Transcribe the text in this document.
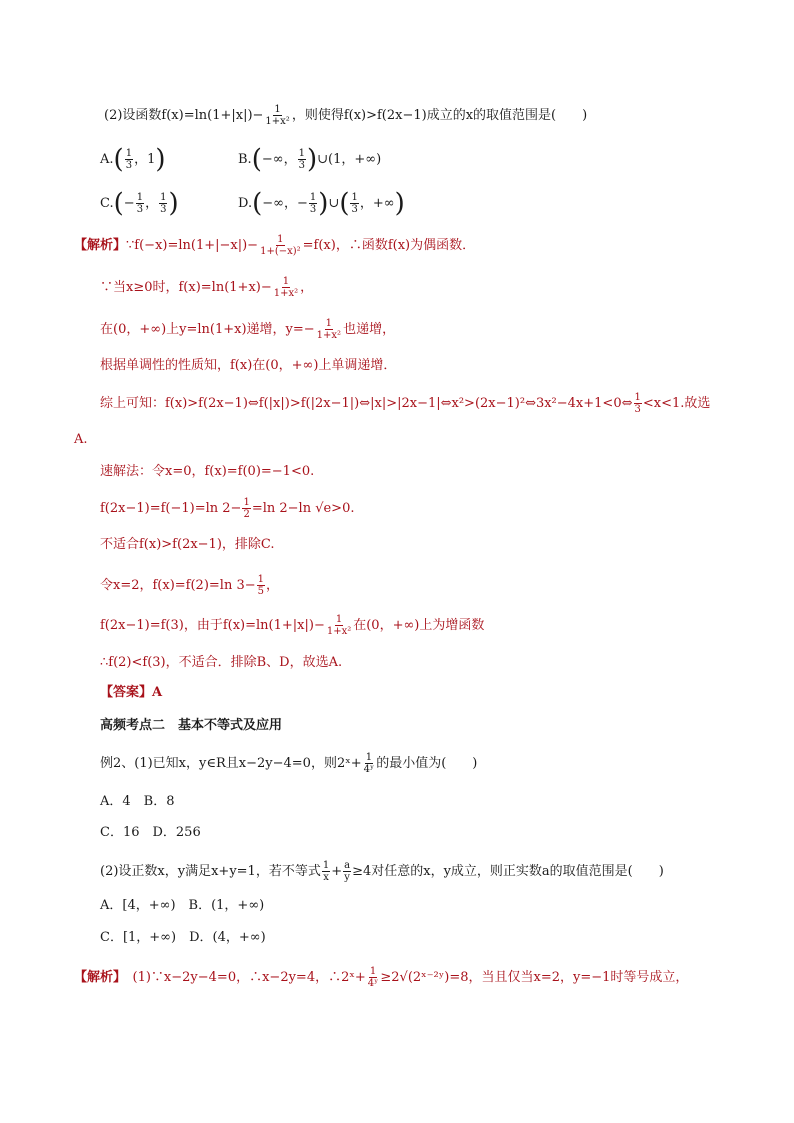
(2)设函数$f(x)=\ln(1+|x|)- \frac{1}{\text{1+x²}}$ ，则使得f(x)>f(2x−1)成立的x的取值范围是(　　)
$A.( \frac{1}{3}$ ，1)	B.(−∞， $\frac{1}{3}$ )∪(1，+∞)
$C.(- \frac{1}{3}$ ， $\frac{1}{3}$ )	D.(−∞，− $\frac{1}{3}$ )∪( $\frac{1}{3}$ ，+∞)
【解析】∵f(−x)=ln(1+|−x|)− $\frac{1}{\text{1+(−x)²}} =f(x)$，∴函数f(x)为偶函数．
∵当x≥0时，$f(x)=\ln(1+x)- \frac{1}{\text{1+x²}}$ ，
在(0，+∞)上y=ln(1+x)递增，$y=- \frac{1}{\text{1+x²}}$ 也递增，
根据单调性的性质知，f(x)在(0，+∞)上单调递增．
综上可知：f(x)>f(2x−1)⇔f(|x|)>f(|2x−1|)⇔|x|>|2x−1|⇔x²>(2x−1)²⇔3x²−4x+1<0⇔ $\frac{1}{3} <x<1$.故选
A.
速解法：令x=0，f(x)=f(0)=−1<0.
f(2x−1)=f(−1)=ln $2- \frac{1}{2} =\ln$ 2−ln √e>0.
不适合f(x)>f(2x−1)，排除C.
令x=2，f(x)=f(2)=ln $3- \frac{1}{5}$ ，
f(2x−1)=f(3)，由于$f(x)=\ln(1+|x|)- \frac{1}{\text{1+x²}}$ 在(0，+∞)上为增函数
∴f(2)<f(3)，不适合．排除B、D，故选A.
【答案】A
高频考点二　基本不等式及应用
例2、(1)已知x，y∈R且x−2y−4=0，则2ˣ+ $\frac{1}{\text{4ʸ}}$ 的最小值为(　　)
A．4　B．8
C．16　D．256
(2)设正数x，y满足x+y=1，若不等式 $\frac{1}{x} + \frac{a}{y} \ge 4$对任意的x，y成立，则正实数a的取值范围是(　　)
A．[4，+∞)　B．(1，+∞)
C．[1，+∞)　D．(4，+∞)
【解析】　(1)∵x−2y−4=0，∴x−2y=4，∴2ˣ+ $\frac{1}{\text{4ʸ}}$ ≥2√(2ˣ⁻²ʸ)=8，当且仅当x=2，y=−1时等号成立，
